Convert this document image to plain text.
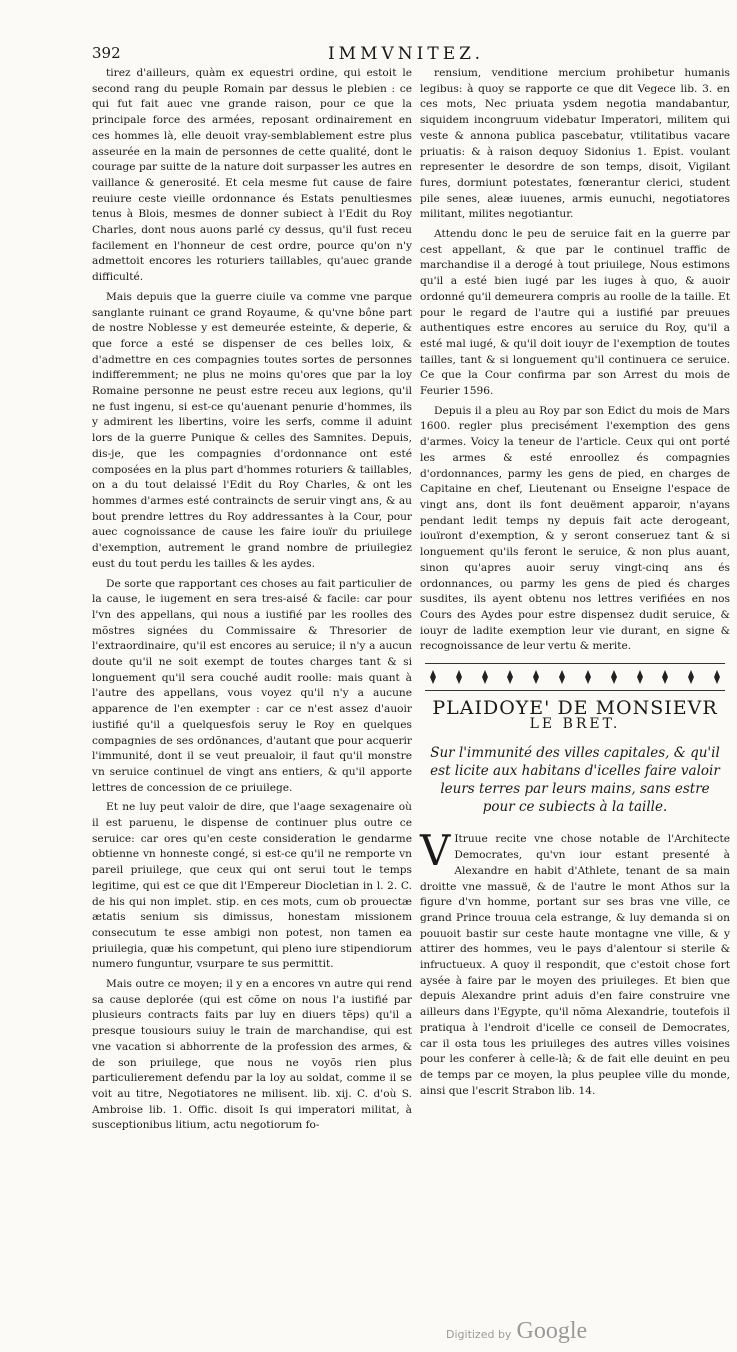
392	IMMVNITEZ.

tirez d'ailleurs, quàm ex equestri ordine, qui estoit le second rang du peuple Romain par dessus le plebien : ce qui fut fait auec vne grande raison, pour ce que la principale force des armées, reposant ordinairement en ces hommes là, elle deuoit vray-semblablement estre plus asseurée en la main de personnes de cette qualité, dont le courage par suitte de la nature doit surpasser les autres en vaillance & generosité. Et cela mesme fut cause de faire reuiure ceste vieille ordonnance és Estats penultiesmes tenus à Blois, mesmes de donner subiect à l'Edit du Roy Charles, dont nous auons parlé cy dessus, qu'il fust receu facilement en l'honneur de cest ordre, pource qu'on n'y admettoit encores les roturiers taillables, qu'auec grande difficulté.

Mais depuis que la guerre ciuile va comme vne parque sanglante ruinant ce grand Royaume, & qu'vne bône part de nostre Noblesse y est demeurée esteinte, & deperie, & que force a esté se dispenser de ces belles loix, & d'admettre en ces compagnies toutes sortes de personnes indifferemment; ne plus ne moins qu'ores que par la loy Romaine personne ne peust estre receu aux legions, qu'il ne fust ingenu, si est-ce qu'auenant penurie d'hommes, ils y admirent les libertins, voire les serfs, comme il aduint lors de la guerre Punique & celles des Samnites. Depuis, dis-je, que les compagnies d'ordonnance ont esté composées en la plus part d'hommes roturiers & taillables, on a du tout delaissé l'Edit du Roy Charles, & ont les hommes d'armes esté contraincts de seruir vingt ans, & au bout prendre lettres du Roy addressantes à la Cour, pour auec cognoissance de cause les faire iouïr du priuilege d'exemption, autrement le grand nombre de priuilegiez eust du tout perdu les tailles & les aydes.

De sorte que rapportant ces choses au fait particulier de la cause, le iugement en sera tres-aisé & facile: car pour l'vn des appellans, qui nous a iustifié par les roolles des mõstres signées du Commissaire & Thresorier de l'extraordinaire, qu'il est encores au seruice; il n'y a aucun doute qu'il ne soit exempt de toutes charges tant & si longuement qu'il sera couché audit roolle: mais quant à l'autre des appellans, vous voyez qu'il n'y a aucune apparence de l'en exempter : car ce n'est assez d'auoir iustifié qu'il a quelquesfois seruy le Roy en quelques compagnies de ses ordõnances, d'autant que pour acquerir l'immunité, dont il se veut preualoir, il faut qu'il monstre vn seruice continuel de vingt ans entiers, & qu'il apporte lettres de concession de ce priuilege.

Et ne luy peut valoir de dire, que l'aage sexagenaire où il est paruenu, le dispense de continuer plus outre ce seruice: car ores qu'en ceste consideration le gendarme obtienne vn honneste congé, si est-ce qu'il ne remporte vn pareil priuilege, que ceux qui ont serui tout le temps legitime, qui est ce que dit l'Empereur Diocletian in l. 2. C. de his qui non implet. stip. en ces mots, cum ob prouectæ ætatis senium sis dimissus, honestam missionem consecutum te esse ambigi non potest, non tamen ea priuilegia, quæ his competunt, qui pleno iure stipendiorum numero funguntur, vsurpare te sus permittit.

Mais outre ce moyen; il y en a encores vn autre qui rend sa cause deplorée (qui est cõme on nous l'a iustifié par plusieurs contracts faits par luy en diuers tẽps) qu'il a presque tousiours suiuy le train de marchandise, qui est vne vacation si abhorrente de la profession des armes, & de son priuilege, que nous ne voyõs rien plus particulierement defendu par la loy au soldat, comme il se voit au titre, Negotiatores ne milisent. lib. xij. C. d'où S. Ambroise lib. 1. Offic. disoit Is qui imperatori militat, à susceptionibus litium, actu negotiorum fo-

rensium, venditione mercium prohibetur humanis legibus: à quoy se rapporte ce que dit Vegece lib. 3. en ces mots, Nec priuata ysdem negotia mandabantur, siquidem incongruum videbatur Imperatori, militem qui veste & annona publica pascebatur, vtilitatibus vacare priuatis: & à raison dequoy Sidonius 1. Epist. voulant representer le desordre de son temps, disoit, Vigilant fures, dormiunt potestates, fœnerantur clerici, student pile senes, aleæ iuuenes, armis eunuchi, negotiatores militant, milites negotiantur.

Attendu donc le peu de seruice fait en la guerre par cest appellant, & que par le continuel traffic de marchandise il a derogé à tout priuilege, Nous estimons qu'il a esté bien iugé par les iuges à quo, & auoir ordonné qu'il demeurera compris au roolle de la taille. Et pour le regard de l'autre qui a iustifié par preuues authentiques estre encores au seruice du Roy, qu'il a esté mal iugé, & qu'il doit iouyr de l'exemption de toutes tailles, tant & si longuement qu'il continuera ce seruice. Ce que la Cour confirma par son Arrest du mois de Feurier 1596.

Depuis il a pleu au Roy par son Edict du mois de Mars 1600. regler plus precisément l'exemption des gens d'armes. Voicy la teneur de l'article. Ceux qui ont porté les armes & esté enroollez és compagnies d'ordonnances, parmy les gens de pied, en charges de Capitaine en chef, Lieutenant ou Enseigne l'espace de vingt ans, dont ils font deuëment apparoir, n'ayans pendant ledit temps ny depuis fait acte derogeant, iouïront d'exemption, & y seront conseruez tant & si longuement qu'ils feront le seruice, & non plus auant, sinon qu'apres auoir seruy vingt-cinq ans és ordonnances, ou parmy les gens de pied és charges susdites, ils ayent obtenu nos lettres verifiées en nos Cours des Aydes pour estre dispensez dudit seruice, & iouyr de ladite exemption leur vie durant, en signe & recognoissance de leur vertu & merite.

PLAIDOYE' DE MONSIEVR
LE BRET.
Sur l'immunité des villes capitales, & qu'il est licite aux habitans d'icelles faire valoir leurs terres par leurs mains, sans estre pour ce subiects à la taille.

V Itruue recite vne chose notable de l'Architecte Democrates, qu'vn iour estant presenté à Alexandre en habit d'Athlete, tenant de sa main droitte vne massuë, & de l'autre le mont Athos sur la figure d'vn homme, portant sur ses bras vne ville, ce grand Prince trouua cela estrange, & luy demanda si on pouuoit bastir sur ceste haute montagne vne ville, & y attirer des hommes, veu le pays d'alentour si sterile & infructueux. A quoy il respondit, que c'estoit chose fort aysée à faire par le moyen des priuileges. Et bien que depuis Alexandre print aduis d'en faire construire vne ailleurs dans l'Egypte, qu'il nõma Alexandrie, toutefois il pratiqua à l'endroit d'icelle ce conseil de Democrates, car il osta tous les priuileges des autres villes voisines pour les conferer à celle-là; & de fait elle deuint en peu de temps par ce moyen, la plus peuplee ville du monde, ainsi que l'escrit Strabon lib. 14.

Digitized by Google
